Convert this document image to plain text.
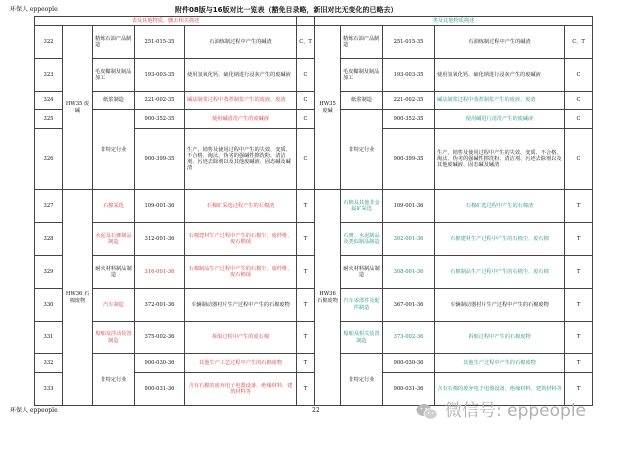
环保人 eppeople	附件08版与16版对比一览表（豁免目录略，新旧对比无变化的已略去）
表及其他物质，删去相关描述						类及其他物质描述				
322	HW35 废碱	精炼石油产品制造	251-015-35	石油炼制过程中产生的碱渣	C，T	HW35 废碱	精炼石油产品制造	251-015-35	石油炼制过程中产生的碱渣	C，T
323		毛皮鞣制及制品加工	193-003-35	使用氢氧化钙、硫化钠进行浸灰产生的废碱液	C		毛皮鞣制及制品加工	193-003-35	使用氢氧化钙、硫化钠进行浸灰产生的废碱液	C
324		纸浆制造	221-002-35	碱法制浆过程中蒸煮制浆产生的废液、废渣	C		纸浆制造	221-002-35	碱法制浆过程中蒸煮制浆产生的废液、废渣	C
325		非特定行业	900-352-35	使用碱清洗产生的废碱液	C		非特定行业	900-352-35	使用碱进行清洗产生的废碱液	C
326			900-399-35	生产、销售及使用过程中产生的失效、变质、不合格、淘汰、伪劣的强碱性擦洗粉、清洁剂、污迹去除剂以及其他废碱液、固态碱及碱渣	C			900-399-35	生产、销售及使用过程中产生的失效、变质、不合格、淘汰、伪劣的强碱性擦洗粉、清洁剂、污迹去除剂以及其他废碱液、固态碱及碱渣	C
327	HW36 石棉废物	石棉采选	109-001-36	石棉矿采选过程产生的石棉渣	T	HW36 石棉废物	石棉及其他非金属矿采选	109-001-36	石棉矿选过程中产生的石棉渣	T
328		水泥及石膏制品制造	312-001-36	石棉建材生产过程中产生的石棉尘、废纤维、废石棉绒	T		石膏、水泥制品及类似制品制造	302-001-36	石棉建材生产过程中产生的石棉尘、废石棉	T
329		耐火材料制品制造	316-001-36	石棉制品生产过程中产生的石棉尘、废纤维、废石棉绒	T		耐火材料制品制造	308-001-36	石棉制品生产过程中产生的石棉尘、废石棉	T
330		汽车制造	372-001-36	车辆制动器衬片生产过程中产生的石棉废物	T		汽车零部件及配件制造	367-001-36	车辆制动器衬片生产过程中产生的石棉废物	T
331		船舶及浮动装置制造	375-002-36	拆船过程中产生的废石棉	T		船舶及相关装置制造	373-002-36	拆船过程中产生的石棉废物	T
332		非特定行业	900-030-36	其他生产工艺过程中产生的石棉废物	T		非特定行业	900-030-36	其他生产过程中产生的石棉废物	T
333			900-031-36	含有石棉的废弃电子电器设备、绝缘材料、建筑材料等	T			900-031-36	含有石棉的废弃电子电器设备、绝缘材料、建筑材料等	T
环保人 eppeople	22	微信号: eppeople
